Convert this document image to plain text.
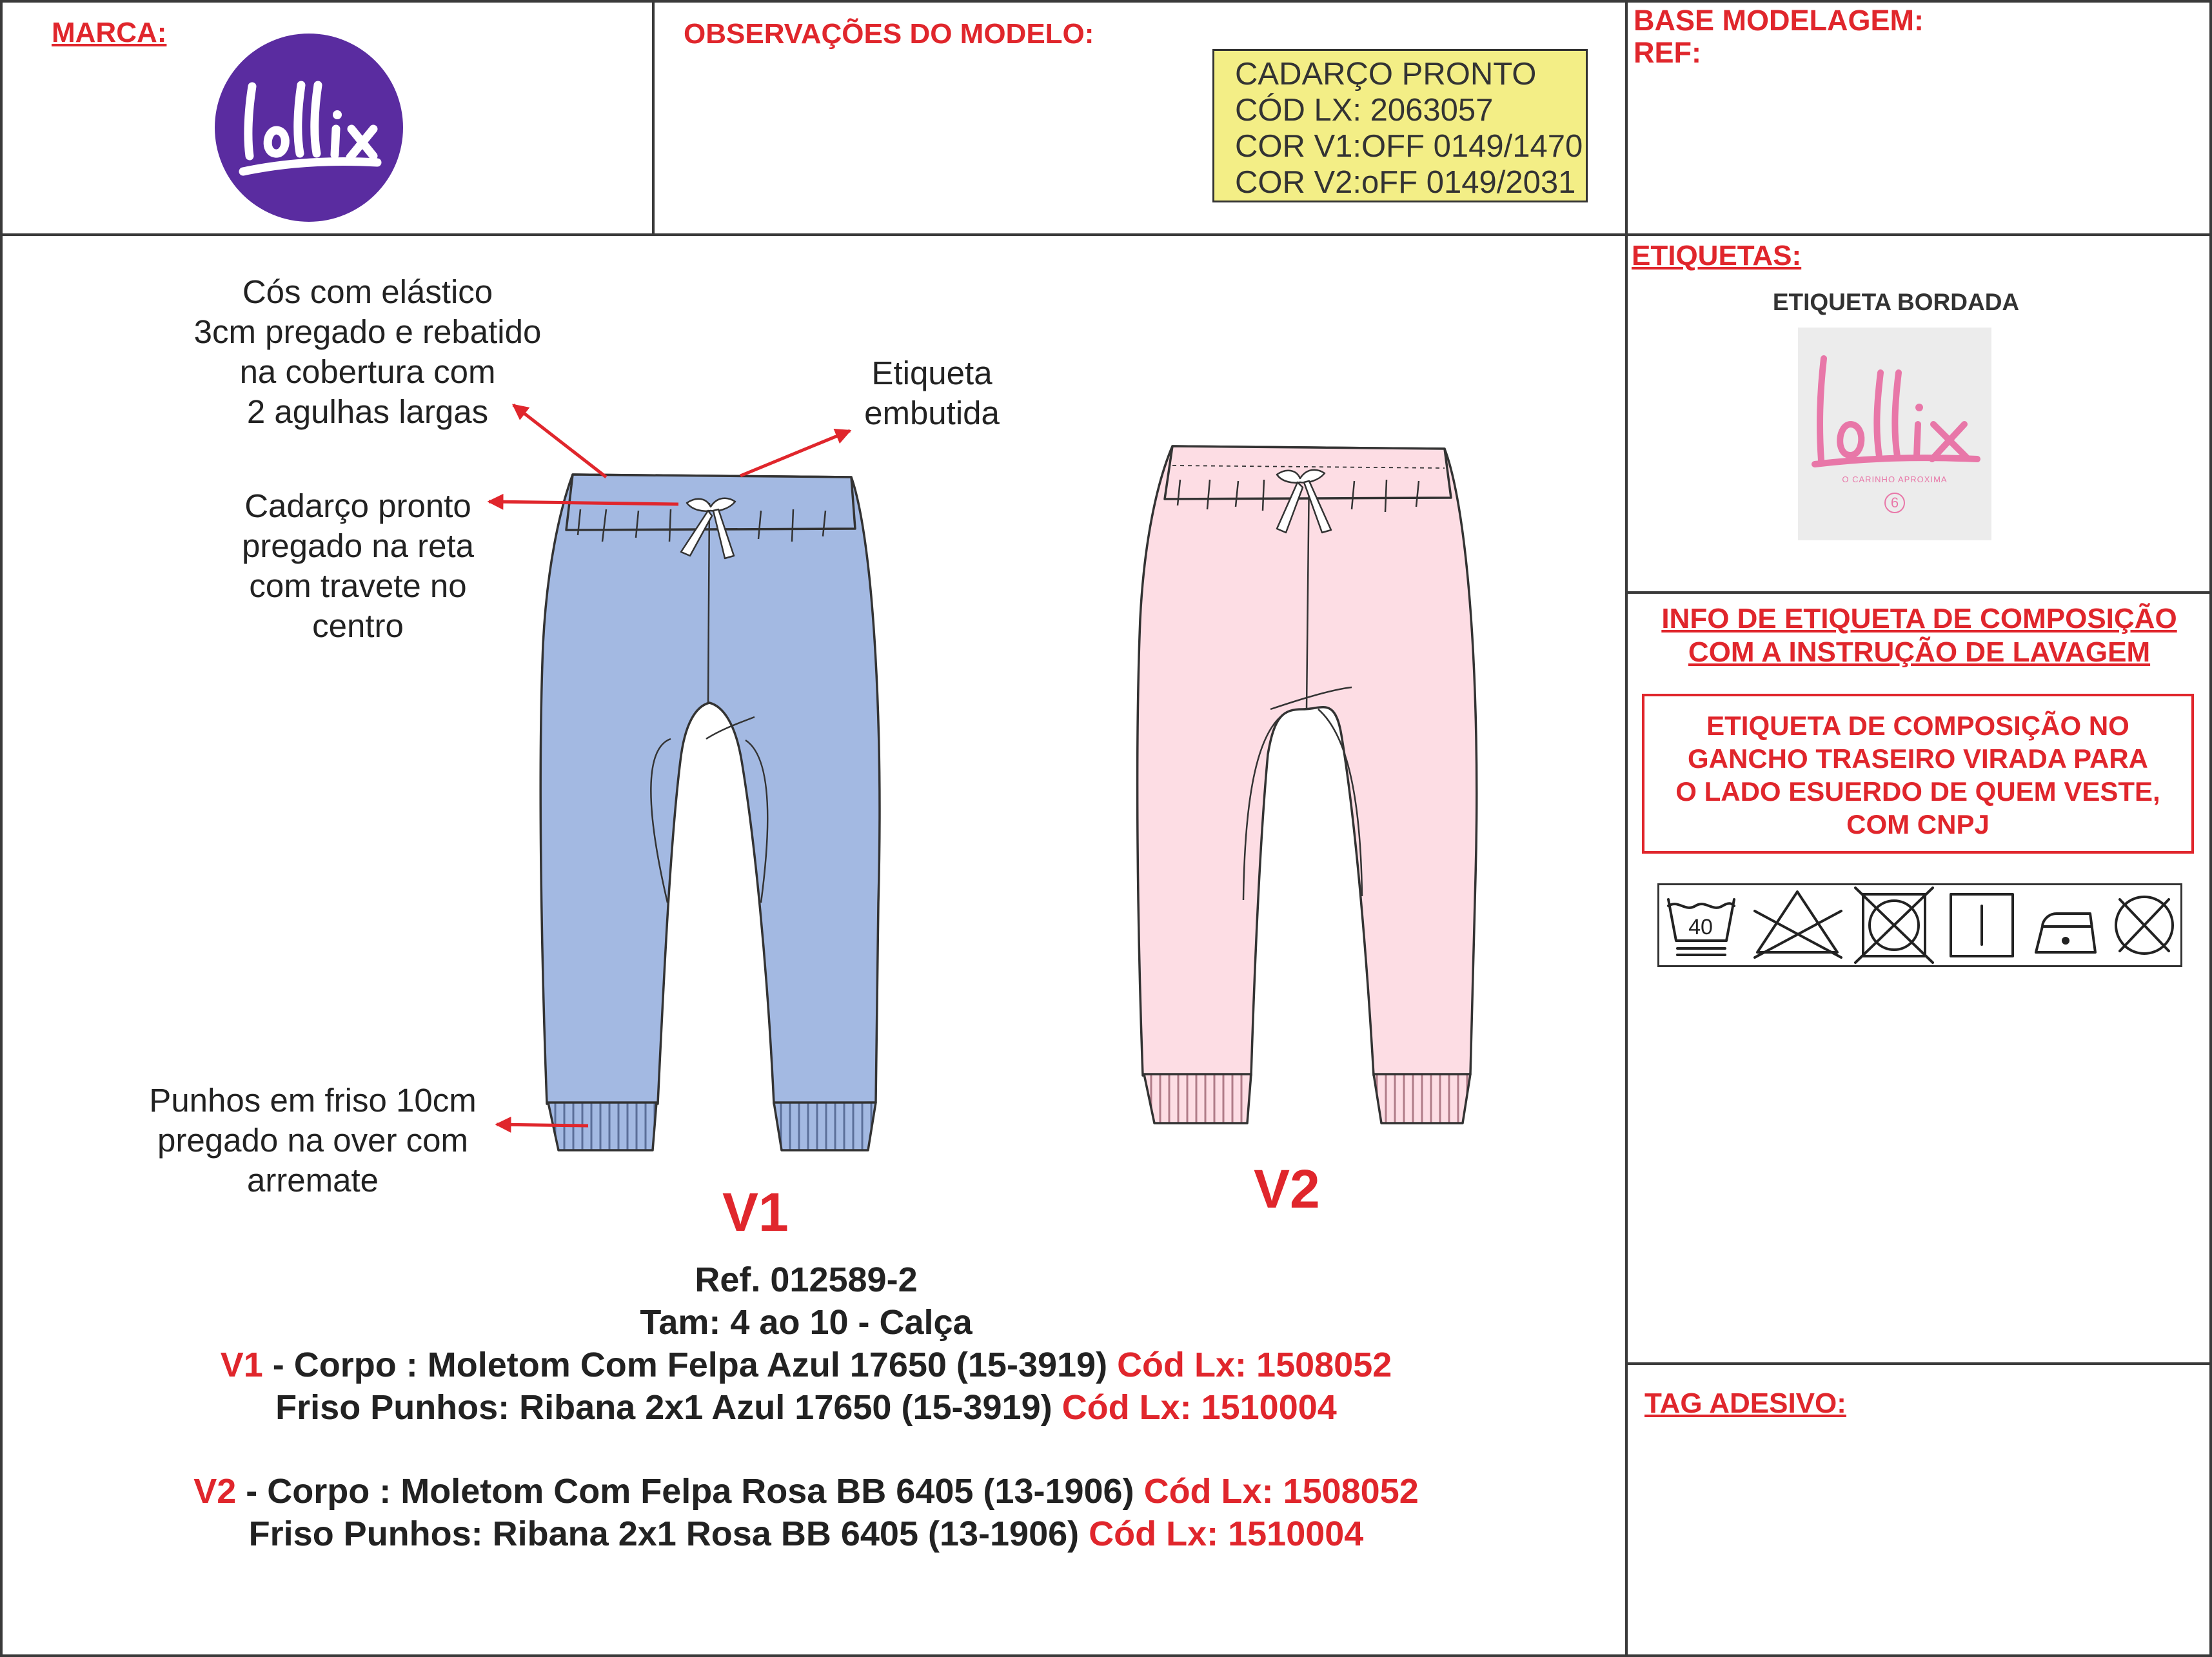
MARCA:	OBSERVAÇÕES DO MODELO:
CADARÇO PRONTO
CÓD LX: 2063057
COR V1:OFF 0149/1470
COR V2:oFF 0149/2031
BASE MODELAGEM:
REF:
Cós com elástico
3cm pregado e rebatido
na cobertura com
2 agulhas largas
Etiqueta
embutida
Cadarço pronto
pregado na reta
com travete no
centro
Punhos em friso 10cm
pregado na over com
arremate
V1	V2
Ref. 012589-2
Tam: 4 ao 10 - Calça
V1 - Corpo : Moletom Com Felpa Azul 17650 (15-3919) Cód Lx: 1508052
Friso Punhos: Ribana 2x1 Azul 17650 (15-3919) Cód Lx: 1510004
V2 - Corpo : Moletom Com Felpa Rosa BB 6405 (13-1906) Cód Lx: 1508052
Friso Punhos: Ribana 2x1 Rosa BB 6405 (13-1906) Cód Lx: 1510004
ETIQUETAS:
ETIQUETA BORDADA
O CARINHO APROXIMA
6
INFO DE ETIQUETA DE COMPOSIÇÃO
COM A INSTRUÇÃO DE LAVAGEM
ETIQUETA DE COMPOSIÇÃO NO
GANCHO TRASEIRO VIRADA PARA
O LADO ESUERDO DE QUEM VESTE,
COM CNPJ
40
TAG ADESIVO:
